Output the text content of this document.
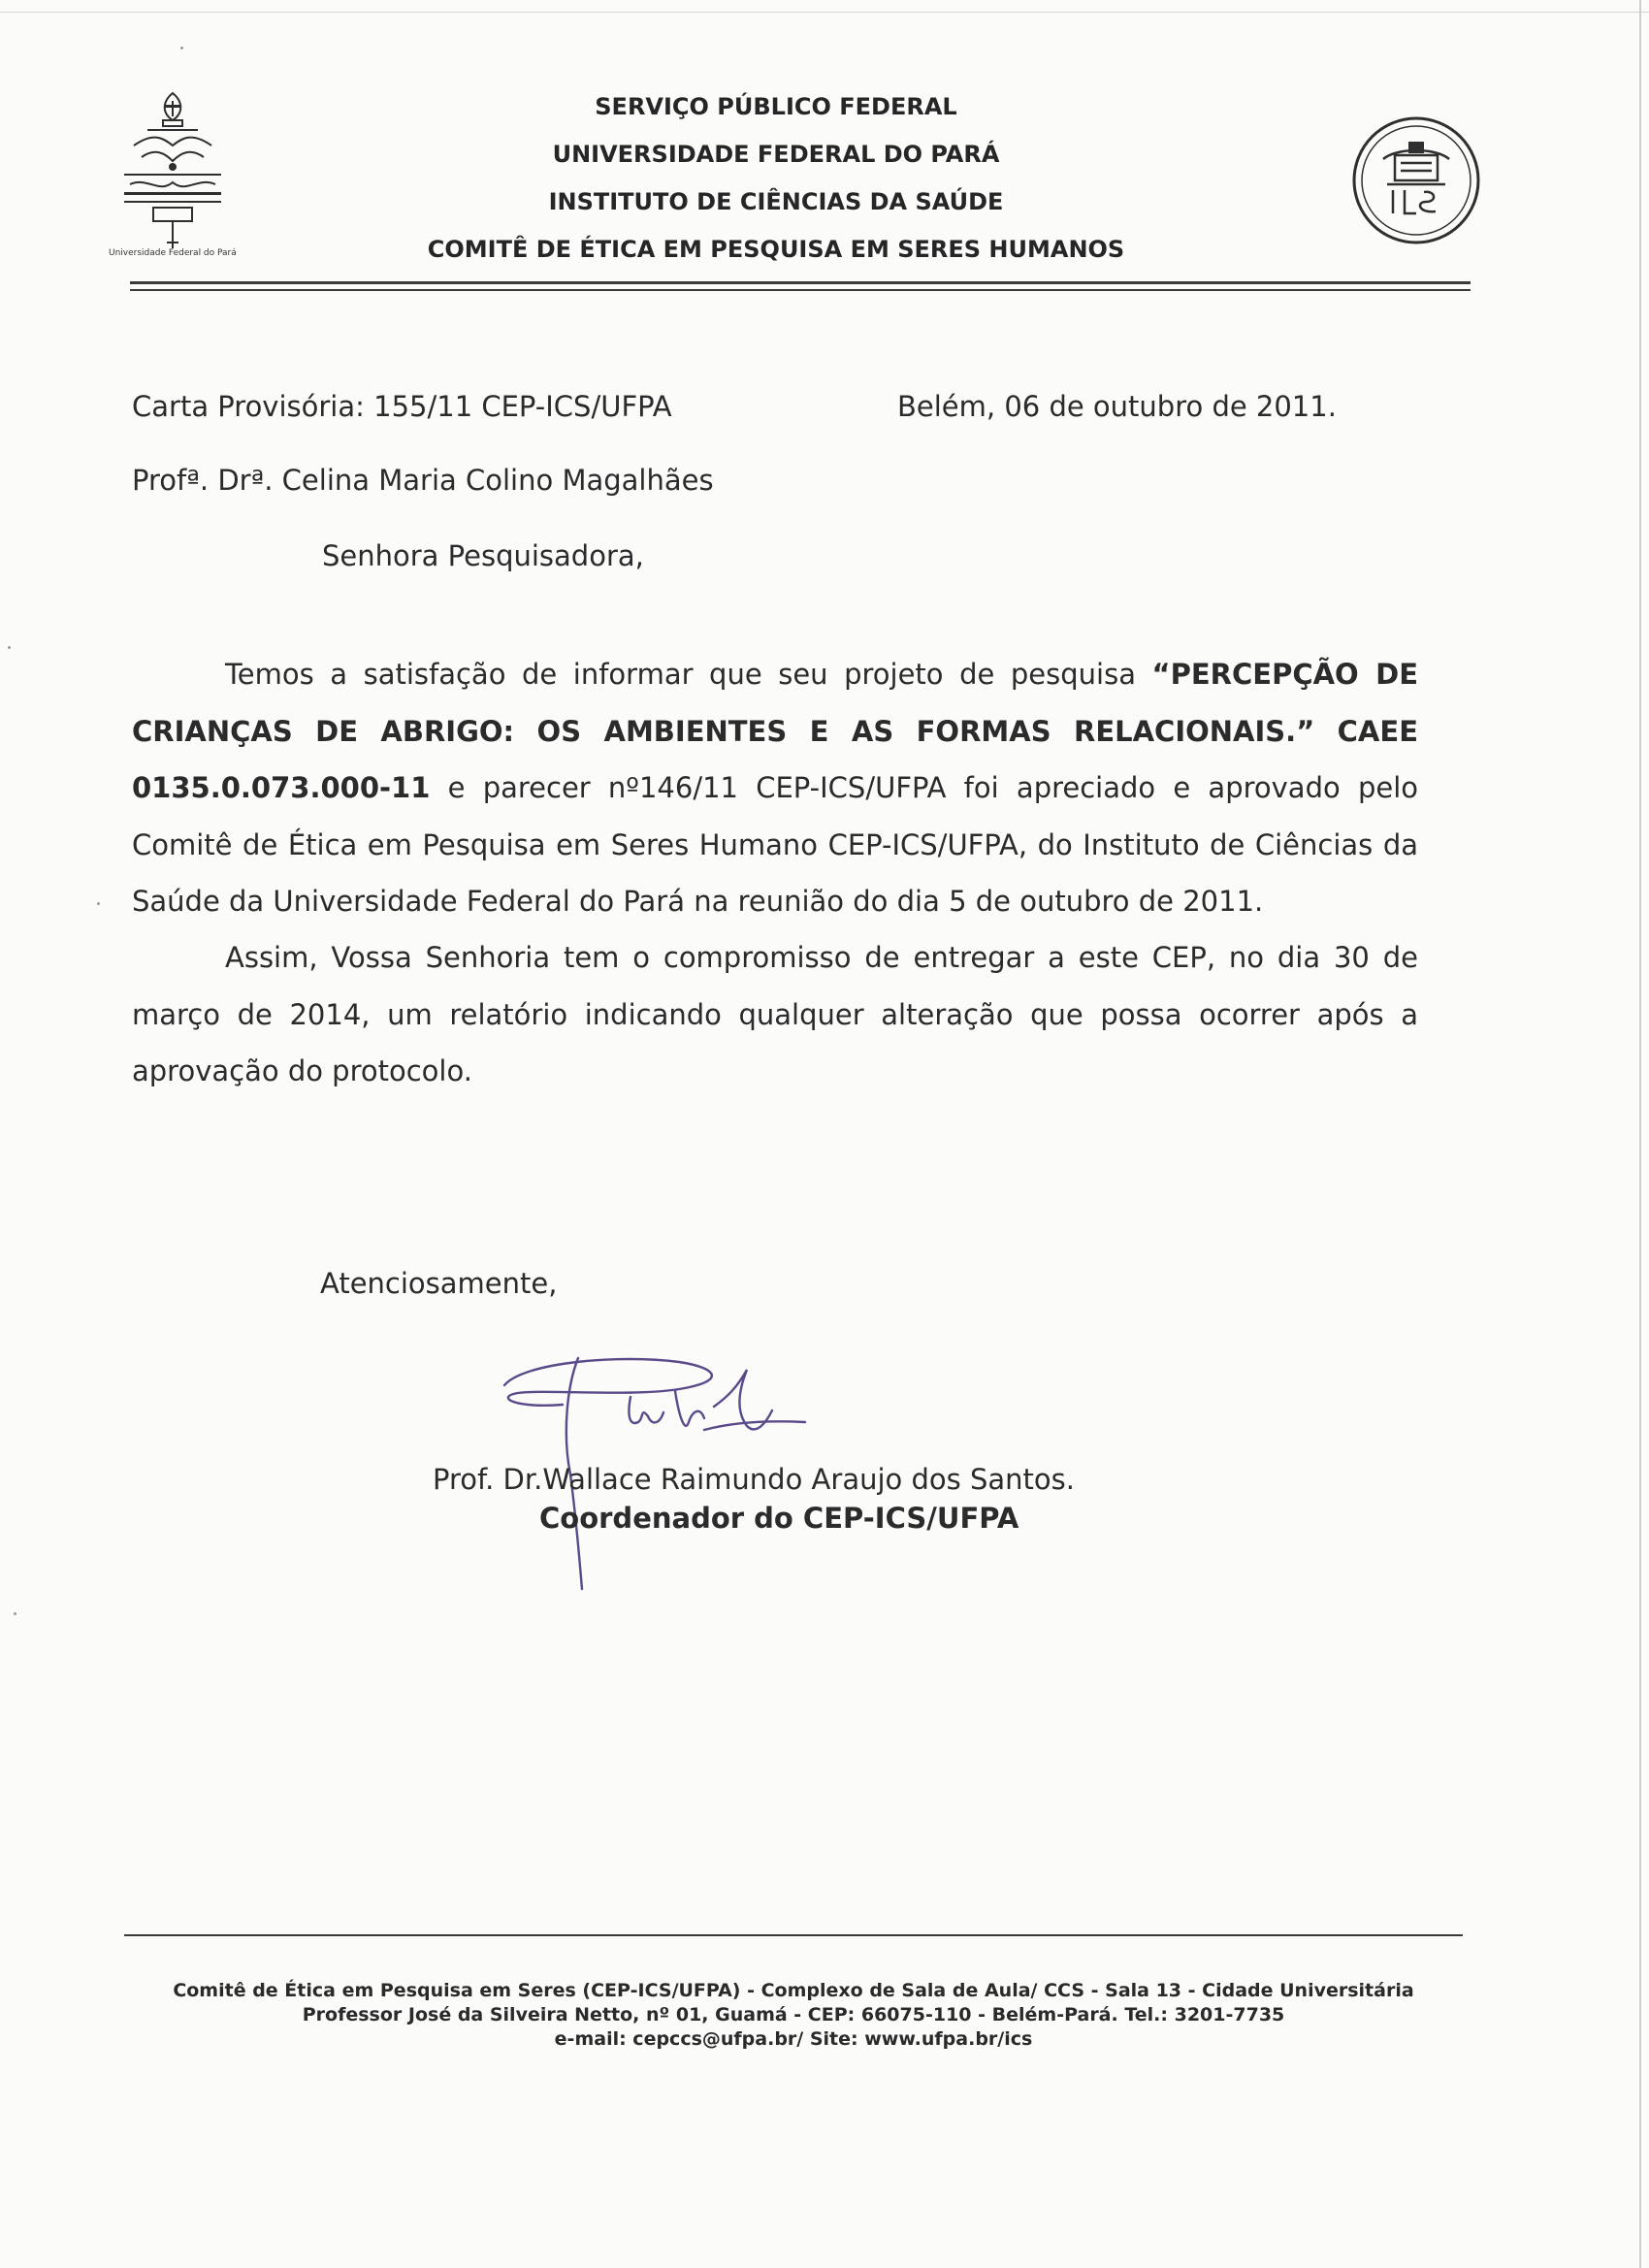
Universidade Federal do Pará
SERVIÇO PÚBLICO FEDERAL
UNIVERSIDADE FEDERAL DO PARÁ
INSTITUTO DE CIÊNCIAS DA SAÚDE
COMITÊ DE ÉTICA EM PESQUISA EM SERES HUMANOS
Carta Provisória: 155/11 CEP-ICS/UFPA	Belém, 06 de outubro de 2011.
Profª. Drª. Celina Maria Colino Magalhães
Senhora Pesquisadora,

Temos a satisfação de informar que seu projeto de pesquisa “PERCEPÇÃO DE CRIANÇAS DE ABRIGO: OS AMBIENTES E AS FORMAS RELACIONAIS.” CAEE 0135.0.073.000-11 e parecer nº146/11 CEP-ICS/UFPA foi apreciado e aprovado pelo Comitê de Ética em Pesquisa em Seres Humano CEP-ICS/UFPA, do Instituto de Ciências da Saúde da Universidade Federal do Pará na reunião do dia 5 de outubro de 2011.

Assim, Vossa Senhoria tem o compromisso de entregar a este CEP, no dia 30 de março de 2014, um relatório indicando qualquer alteração que possa ocorrer após a aprovação do protocolo.

Atenciosamente,
Prof. Dr.Wallace Raimundo Araujo dos Santos.
Coordenador do CEP-ICS/UFPA
Comitê de Ética em Pesquisa em Seres (CEP-ICS/UFPA) - Complexo de Sala de Aula/ CCS - Sala 13 - Cidade Universitária
Professor José da Silveira Netto, nº 01, Guamá - CEP: 66075-110 - Belém-Pará. Tel.: 3201-7735
e-mail: cepccs@ufpa.br/ Site: www.ufpa.br/ics
